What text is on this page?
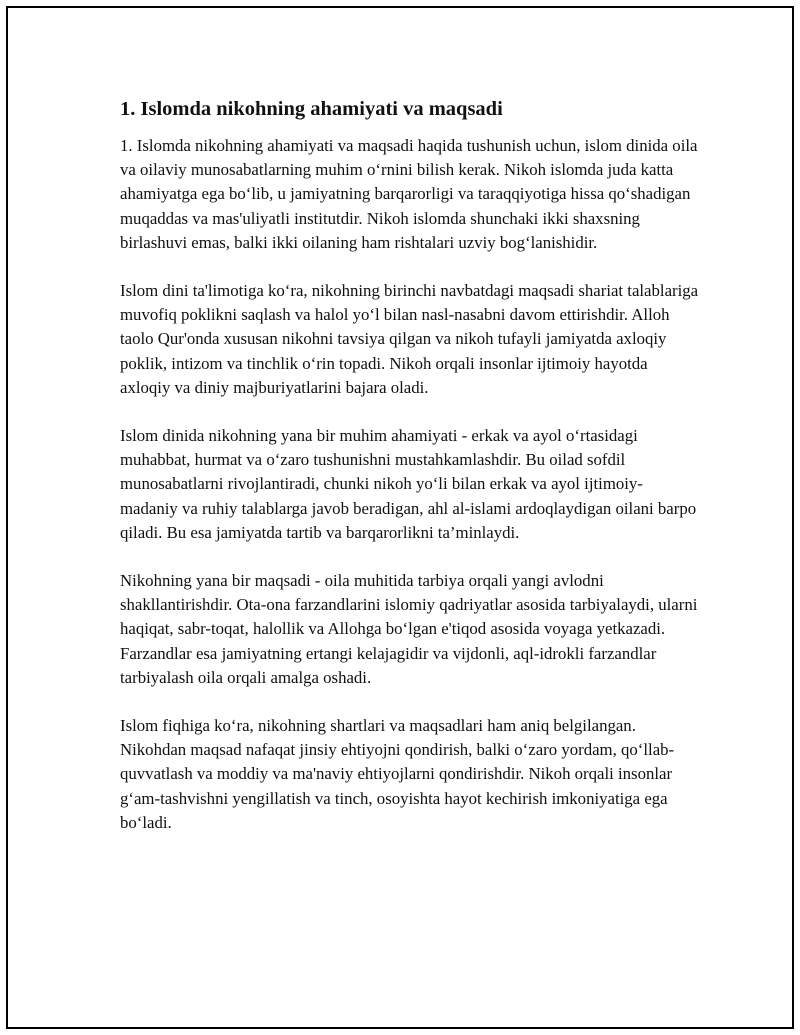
1. Islomda nikohning ahamiyati va maqsadi

1. Islomda nikohning ahamiyati va maqsadi haqida tushunish uchun, islom dinida oila va oilaviy munosabatlarning muhim o‘rnini bilish kerak. Nikoh islomda juda katta ahamiyatga ega bo‘lib, u jamiyatning barqarorligi va taraqqiyotiga hissa qo‘shadigan muqaddas va mas'uliyatli institutdir. Nikoh islomda shunchaki ikki shaxsning birlashuvi emas, balki ikki oilaning ham rishtalari uzviy bog‘lanishidir.

Islom dini ta'limotiga ko‘ra, nikohning birinchi navbatdagi maqsadi shariat talablariga muvofiq poklikni saqlash va halol yo‘l bilan nasl-nasabni davom ettirishdir. Alloh taolo Qur'onda xususan nikohni tavsiya qilgan va nikoh tufayli jamiyatda axloqiy poklik, intizom va tinchlik o‘rin topadi. Nikoh orqali insonlar ijtimoiy hayotda axloqiy va diniy majburiyatlarini bajara oladi.

Islom dinida nikohning yana bir muhim ahamiyati - erkak va ayol o‘rtasidagi muhabbat, hurmat va o‘zaro tushunishni mustahkamlashdir. Bu oilad sofdil munosabatlarni rivojlantiradi, chunki nikoh yo‘li bilan erkak va ayol ijtimoiy-madaniy va ruhiy talablarga javob beradigan, ahl al-islami ardoqlaydigan oilani barpo qiladi. Bu esa jamiyatda tartib va barqarorlikni ta’minlaydi.

Nikohning yana bir maqsadi - oila muhitida tarbiya orqali yangi avlodni shakllantirishdir. Ota-ona farzandlarini islomiy qadriyatlar asosida tarbiyalaydi, ularni haqiqat, sabr-toqat, halollik va Allohga bo‘lgan e'tiqod asosida voyaga yetkazadi. Farzandlar esa jamiyatning ertangi kelajagidir va vijdonli, aql-idrokli farzandlar tarbiyalash oila orqali amalga oshadi.

Islom fiqhiga ko‘ra, nikohning shartlari va maqsadlari ham aniq belgilangan. Nikohdan maqsad nafaqat jinsiy ehtiyojni qondirish, balki o‘zaro yordam, qo‘llab-quvvatlash va moddiy va ma'naviy ehtiyojlarni qondirishdir. Nikoh orqali insonlar g‘am-tashvishni yengillatish va tinch, osoyishta hayot kechirish imkoniyatiga ega bo‘ladi.
